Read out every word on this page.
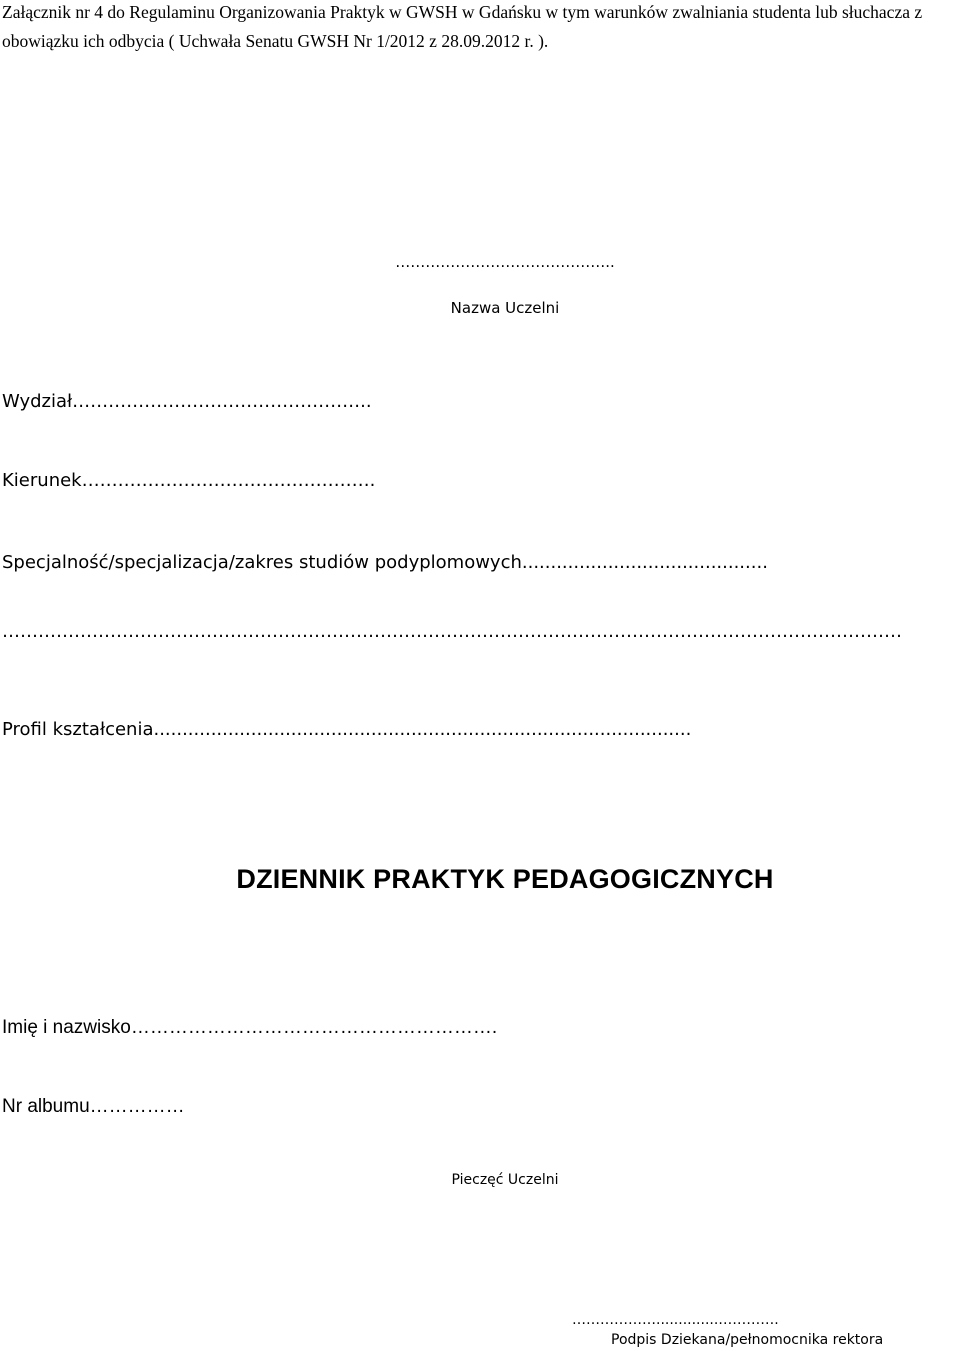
Załącznik nr 4 do Regulaminu Organizowania Praktyk w GWSH w Gdańsku w tym warunków zwalniania studenta lub słuchacza z
obowiązku ich odbycia ( Uchwała Senatu GWSH Nr 1/2012 z 28.09.2012 r. ).
……………………………………..
Nazwa Uczelni
Wydział…………………………………………..
Kierunek………………………………………….
Specjalność/specjalizacja/zakres studiów podyplomowych...........................................
……………………………………………………………………………………………………………………………………
Profil kształcenia..............................................................................................
DZIENNIK PRAKTYK PEDAGOGICZNYCH
Imię i nazwisko………………………………………………….
Nr albumu……………
Pieczęć Uczelni
………………..............………….
Podpis Dziekana/pełnomocnika rektora
